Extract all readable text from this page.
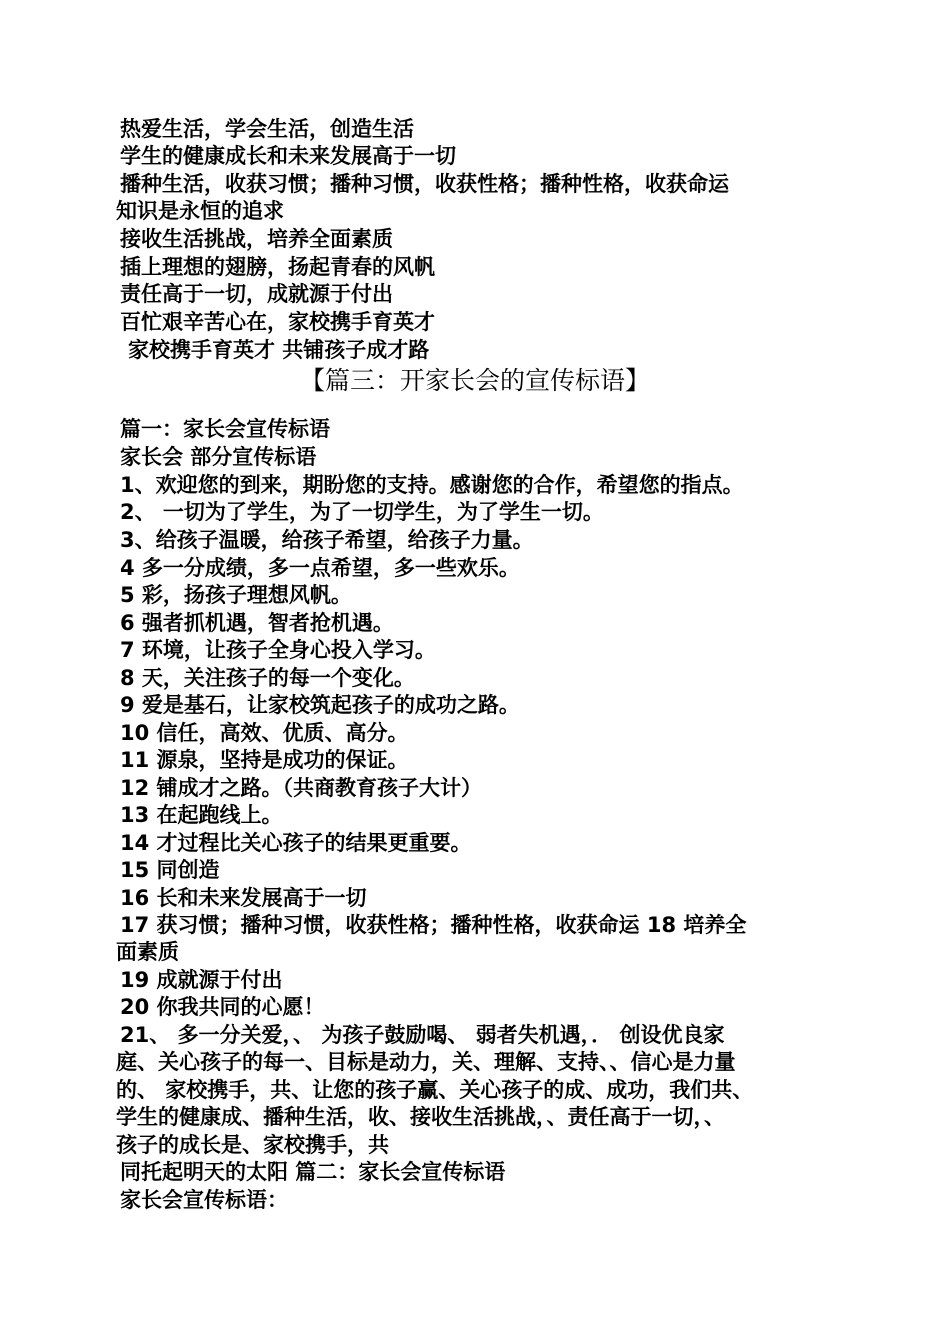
热爱生活，学会生活，创造生活
学生的健康成长和未来发展高于一切
播种生活，收获习惯；播种习惯，收获性格；播种性格，收获命运
知识是永恒的追求
接收生活挑战，培养全面素质
插上理想的翅膀，扬起青春的风帆
责任高于一切，成就源于付出
百忙艰辛苦心在，家校携手育英才
家校携手育英才 共铺孩子成才路
【篇三：开家长会的宣传标语】
篇一：家长会宣传标语
家长会 部分宣传标语
1、欢迎您的到来，期盼您的支持。感谢您的合作，希望您的指点。
2、 一切为了学生，为了一切学生，为了学生一切。
3、给孩子温暖，给孩子希望，给孩子力量。
4 多一分成绩，多一点希望，多一些欢乐。
5 彩，扬孩子理想风帆。
6 强者抓机遇，智者抢机遇。
7 环境，让孩子全身心投入学习。
8 天，关注孩子的每一个变化。
9 爱是基石，让家校筑起孩子的成功之路。
10 信任，高效、优质、高分。
11 源泉，坚持是成功的保证。
12 铺成才之路。（共商教育孩子大计）
13 在起跑线上。
14 才过程比关心孩子的结果更重要。
15 同创造
16 长和未来发展高于一切
17 获习惯；播种习惯，收获性格；播种性格，收获命运 18 培养全
面素质
19 成就源于付出
20 你我共同的心愿！
21、 多一分关爱，、 为孩子鼓励喝、 弱者失机遇，． 创设优良家
庭、关心孩子的每一、目标是动力，关、理解、支持、、信心是力量
的、 家校携手，共、让您的孩子赢、关心孩子的成、成功，我们共、
学生的健康成、播种生活，收、接收生活挑战，、责任高于一切，、
孩子的成长是、家校携手，共
同托起明天的太阳 篇二：家长会宣传标语
家长会宣传标语：
